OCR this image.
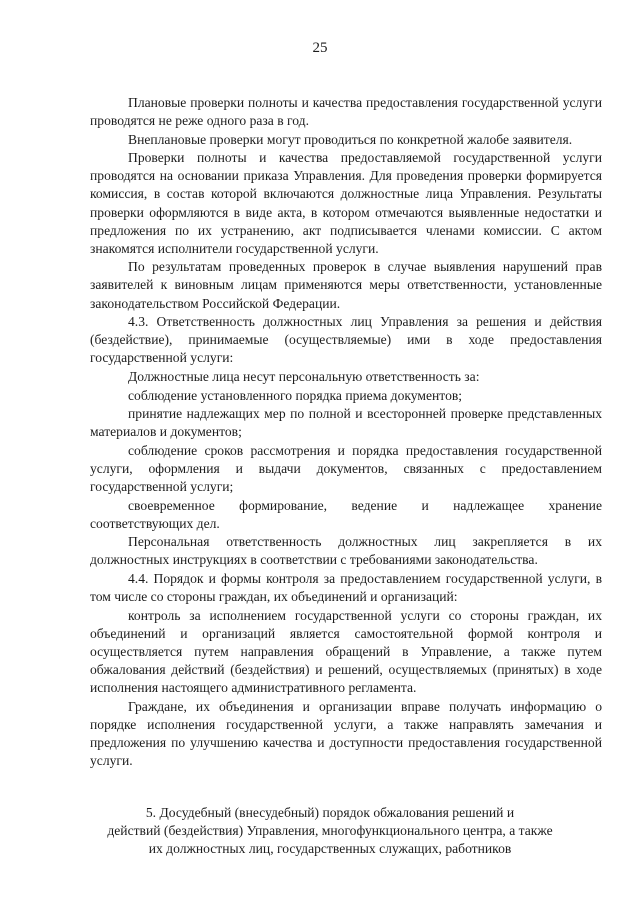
25

Плановые проверки полноты и качества предоставления государственной услуги проводятся не реже одного раза в год.

Внеплановые проверки могут проводиться по конкретной жалобе заявителя.

Проверки полноты и качества предоставляемой государственной услуги проводятся на основании приказа Управления. Для проведения проверки формируется комиссия, в состав которой включаются должностные лица Управления. Результаты проверки оформляются в виде акта, в котором отмечаются выявленные недостатки и предложения по их устранению, акт подписывается членами комиссии. С актом знакомятся исполнители государственной услуги.

По результатам проведенных проверок в случае выявления нарушений прав заявителей к виновным лицам применяются меры ответственности, установленные законодательством Российской Федерации.

4.3. Ответственность должностных лиц Управления за решения и действия (бездействие), принимаемые (осуществляемые) ими в ходе предоставления государственной услуги:

Должностные лица несут персональную ответственность за:

соблюдение установленного порядка приема документов;

принятие надлежащих мер по полной и всесторонней проверке представленных материалов и документов;

соблюдение сроков рассмотрения и порядка предоставления государственной услуги, оформления и выдачи документов, связанных с предоставлением государственной услуги;

своевременное формирование, ведение и надлежащее хранение соответствующих дел.

Персональная ответственность должностных лиц закрепляется в их должностных инструкциях в соответствии с требованиями законодательства.

4.4. Порядок и формы контроля за предоставлением государственной услуги, в том числе со стороны граждан, их объединений и организаций:

контроль за исполнением государственной услуги со стороны граждан, их объединений и организаций является самостоятельной формой контроля и осуществляется путем направления обращений в Управление, а также путем обжалования действий (бездействия) и решений, осуществляемых (принятых) в ходе исполнения настоящего административного регламента.

Граждане, их объединения и организации вправе получать информацию о порядке исполнения государственной услуги, а также направлять замечания и предложения по улучшению качества и доступности предоставления государственной услуги.

5. Досудебный (внесудебный) порядок обжалования решений и
действий (бездействия) Управления, многофункционального центра, а также
их должностных лиц, государственных служащих, работников
